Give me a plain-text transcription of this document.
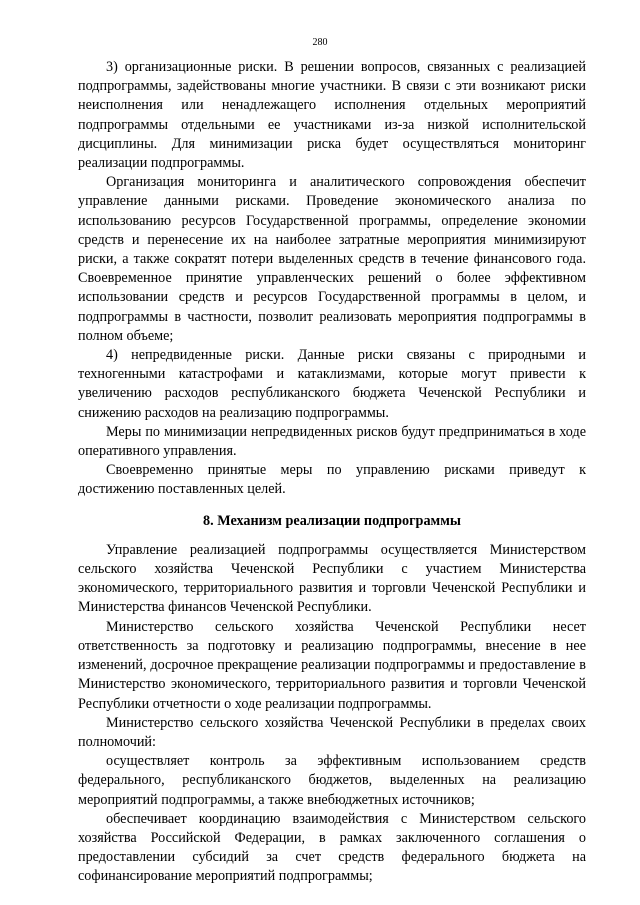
280

3) организационные риски. В решении вопросов, связанных с реализацией подпрограммы, задействованы многие участники. В связи с эти возникают риски неисполнения или ненадлежащего исполнения отдельных мероприятий подпрограммы отдельными ее участниками из-за низкой исполнительской дисциплины. Для минимизации риска будет осуществляться мониторинг реализации подпрограммы.

Организация мониторинга и аналитического сопровождения обеспечит управление данными рисками. Проведение экономического анализа по использованию ресурсов Государственной программы, определение экономии средств и перенесение их на наиболее затратные мероприятия минимизируют риски, а также сократят потери выделенных средств в течение финансового года. Своевременное принятие управленческих решений о более эффективном использовании средств и ресурсов Государственной программы в целом, и подпрограммы в частности, позволит реализовать мероприятия подпрограммы в полном объеме;

4) непредвиденные риски. Данные риски связаны с природными и техногенными катастрофами и катаклизмами, которые могут привести к увеличению расходов республиканского бюджета Чеченской Республики и снижению расходов на реализацию подпрограммы.

Меры по минимизации непредвиденных рисков будут предприниматься в ходе оперативного управления.

Своевременно принятые меры по управлению рисками приведут к достижению поставленных целей.

8. Механизм реализации подпрограммы

Управление реализацией подпрограммы осуществляется Министерством сельского хозяйства Чеченской Республики с участием Министерства экономического, территориального развития и торговли Чеченской Республики и Министерства финансов Чеченской Республики.

Министерство сельского хозяйства Чеченской Республики несет ответственность за подготовку и реализацию подпрограммы, внесение в нее изменений, досрочное прекращение реализации подпрограммы и предоставление в Министерство экономического, территориального развития и торговли Чеченской Республики отчетности о ходе реализации подпрограммы.

Министерство сельского хозяйства Чеченской Республики в пределах своих полномочий:

осуществляет контроль за эффективным использованием средств федерального, республиканского бюджетов, выделенных на реализацию мероприятий подпрограммы, а также внебюджетных источников;

обеспечивает координацию взаимодействия с Министерством сельского хозяйства Российской Федерации, в рамках заключенного соглашения о предоставлении субсидий за счет средств федерального бюджета на софинансирование мероприятий подпрограммы;
